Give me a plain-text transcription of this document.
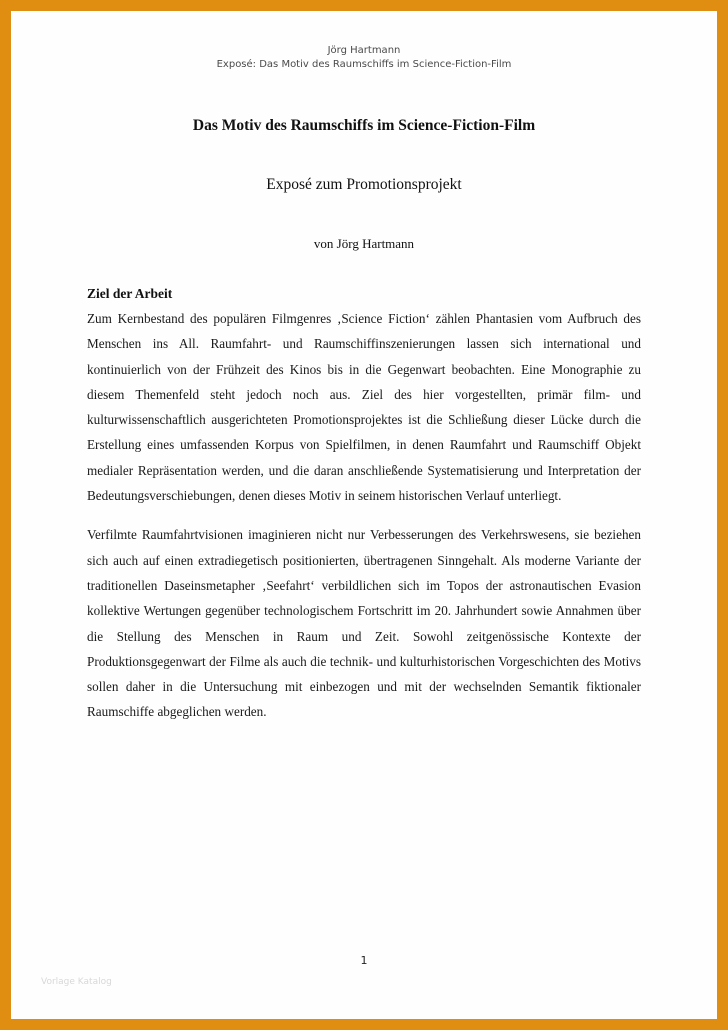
Jörg Hartmann
Exposé: Das Motiv des Raumschiffs im Science-Fiction-Film
Das Motiv des Raumschiffs im Science-Fiction-Film
Exposé zum Promotionsprojekt
von Jörg Hartmann
Ziel der Arbeit

Zum Kernbestand des populären Filmgenres ‚Science Fiction‘ zählen Phantasien vom Aufbruch des Menschen ins All. Raumfahrt- und Raumschiffinszenierungen lassen sich international und kontinuierlich von der Frühzeit des Kinos bis in die Gegenwart beobachten. Eine Monographie zu diesem Themenfeld steht jedoch noch aus. Ziel des hier vorgestellten, primär film- und kulturwissenschaftlich ausgerichteten Promotionsprojektes ist die Schließung dieser Lücke durch die Erstellung eines umfassenden Korpus von Spielfilmen, in denen Raumfahrt und Raumschiff Objekt medialer Repräsentation werden, und die daran anschließende Systematisierung und Interpretation der Bedeutungsverschiebungen, denen dieses Motiv in seinem historischen Verlauf unterliegt.

Verfilmte Raumfahrtvisionen imaginieren nicht nur Verbesserungen des Verkehrswesens, sie beziehen sich auch auf einen extradiegetisch positionierten, übertragenen Sinngehalt. Als moderne Variante der traditionellen Daseinsmetapher ‚Seefahrt‘ verbildlichen sich im Topos der astronautischen Evasion kollektive Wertungen gegenüber technologischem Fortschritt im 20. Jahrhundert sowie Annahmen über die Stellung des Menschen in Raum und Zeit. Sowohl zeitgenössische Kontexte der Produktionsgegenwart der Filme als auch die technik- und kulturhistorischen Vorgeschichten des Motivs sollen daher in die Untersuchung mit einbezogen und mit der wechselnden Semantik fiktionaler Raumschiffe abgeglichen werden.

1
Vorlage Katalog
